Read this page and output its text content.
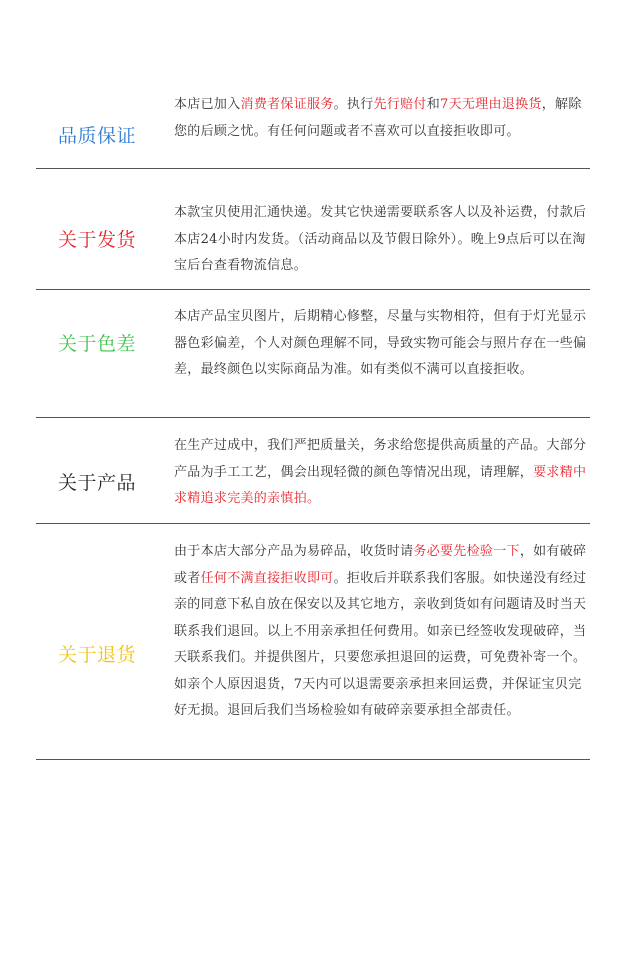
品质保证
本店已加入消费者保证服务。执行先行赔付和7天无理由退换货，解除您的后顾之忧。有任何问题或者不喜欢可以直接拒收即可。
关于发货
本款宝贝使用汇通快递。发其它快递需要联系客人以及补运费，付款后本店24小时内发货。（活动商品以及节假日除外）。晚上9点后可以在淘宝后台查看物流信息。
关于色差
本店产品宝贝图片，后期精心修整，尽量与实物相符，但有于灯光显示器色彩偏差，个人对颜色理解不同，导致实物可能会与照片存在一些偏差，最终颜色以实际商品为准。如有类似不满可以直接拒收。
关于产品
在生产过成中，我们严把质量关，务求给您提供高质量的产品。大部分产品为手工工艺，偶会出现轻微的颜色等情况出现，请理解，要求精中求精追求完美的亲慎拍。
关于退货
由于本店大部分产品为易碎品，收货时请务必要先检验一下，如有破碎或者任何不满直接拒收即可。拒收后并联系我们客服。如快递没有经过亲的同意下私自放在保安以及其它地方，亲收到货如有问题请及时当天联系我们退回。以上不用亲承担任何费用。如亲已经签收发现破碎，当天联系我们。并提供图片，只要您承担退回的运费，可免费补寄一个。如亲个人原因退货，7天内可以退需要亲承担来回运费，并保证宝贝完好无损。退回后我们当场检验如有破碎亲要承担全部责任。
